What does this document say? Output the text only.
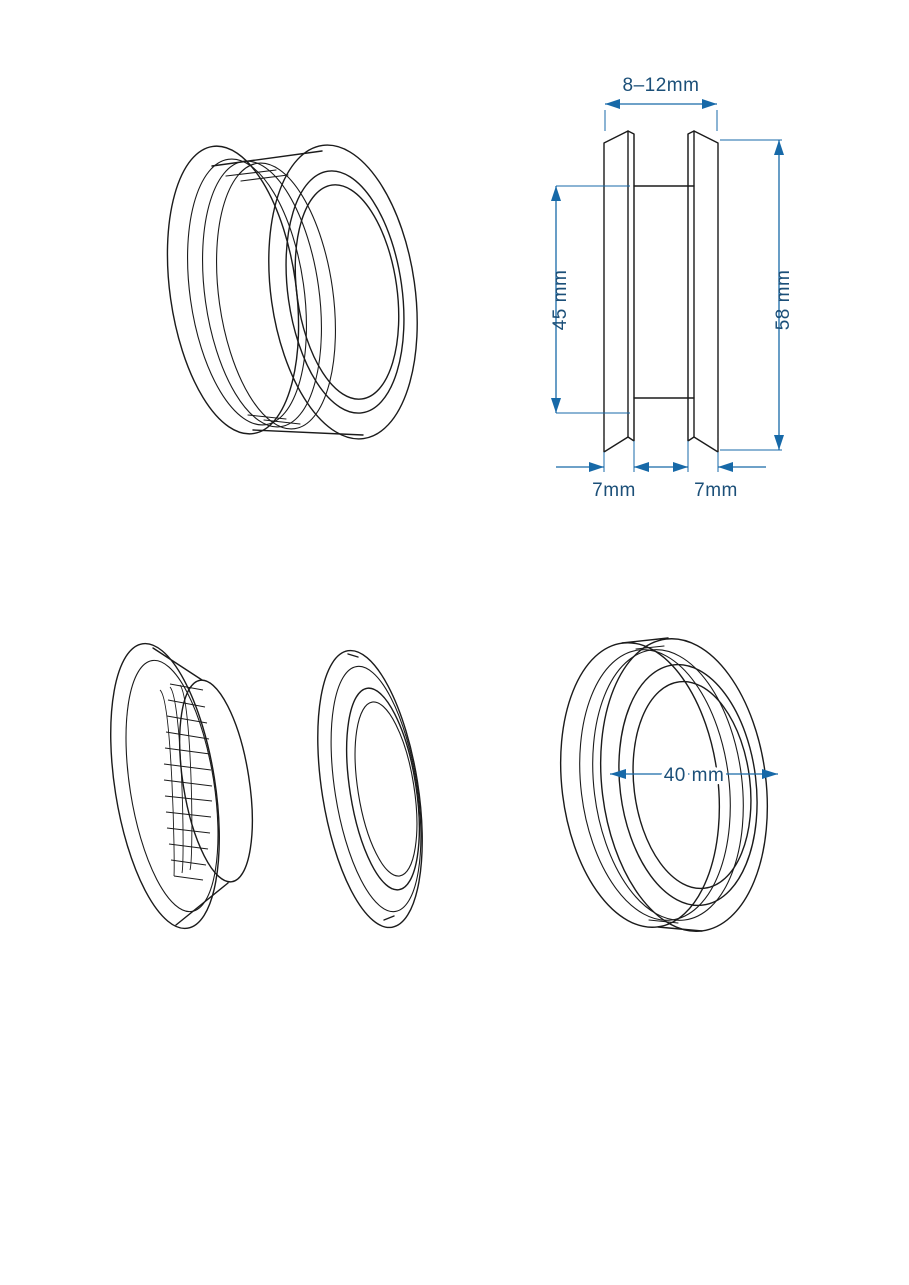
8–12mm
45 mm	58 mm
7mm	7mm
40 mm
